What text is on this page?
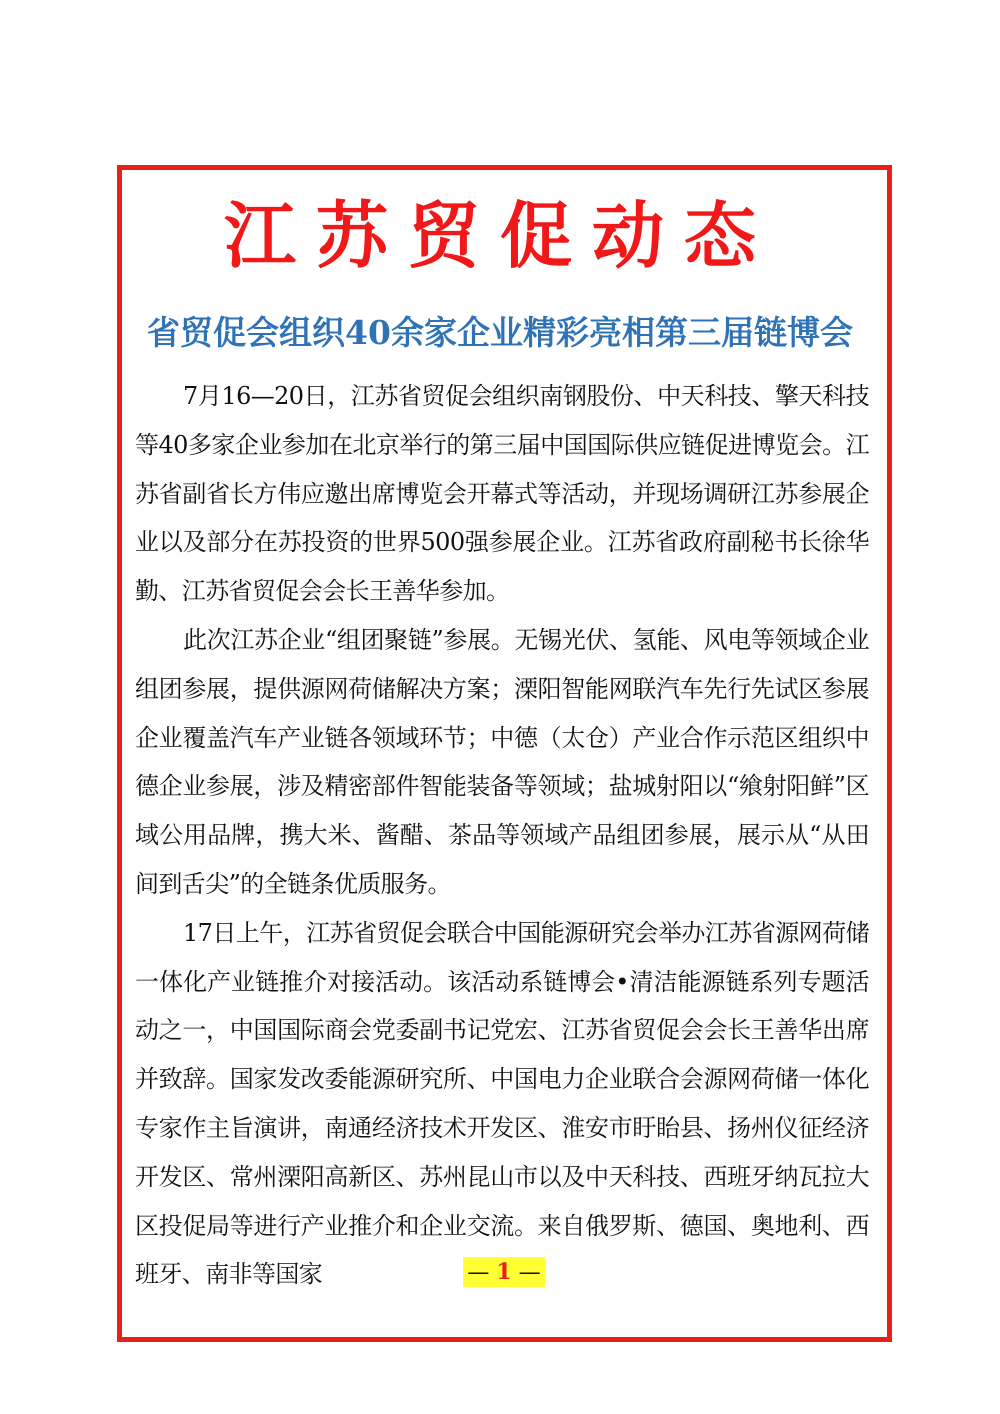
江苏贸促动态
省贸促会组织40余家企业精彩亮相第三届链博会

7月16—20日，江苏省贸促会组织南钢股份、中天科技、擎天科技等40多家企业参加在北京举行的第三届中国国际供应链促进博览会。江苏省副省长方伟应邀出席博览会开幕式等活动，并现场调研江苏参展企业以及部分在苏投资的世界500强参展企业。江苏省政府副秘书长徐华勤、江苏省贸促会会长王善华参加。

此次江苏企业“组团聚链”参展。无锡光伏、氢能、风电等领域企业组团参展，提供源网荷储解决方案；溧阳智能网联汽车先行先试区参展企业覆盖汽车产业链各领域环节；中德（太仓）产业合作示范区组织中德企业参展，涉及精密部件智能装备等领域；盐城射阳以“飨射阳鲜”区域公用品牌，携大米、酱醋、茶品等领域产品组团参展，展示从“从田间到舌尖”的全链条优质服务。

17日上午，江苏省贸促会联合中国能源研究会举办江苏省源网荷储一体化产业链推介对接活动。该活动系链博会•清洁能源链系列专题活动之一，中国国际商会党委副书记党宏、江苏省贸促会会长王善华出席并致辞。国家发改委能源研究所、中国电力企业联合会源网荷储一体化专家作主旨演讲，南通经济技术开发区、淮安市盱眙县、扬州仪征经济开发区、常州溧阳高新区、苏州昆山市以及中天科技、西班牙纳瓦拉大区投促局等进行产业推介和企业交流。来自俄罗斯、德国、奥地利、西班牙、南非等国家	— 1 —
